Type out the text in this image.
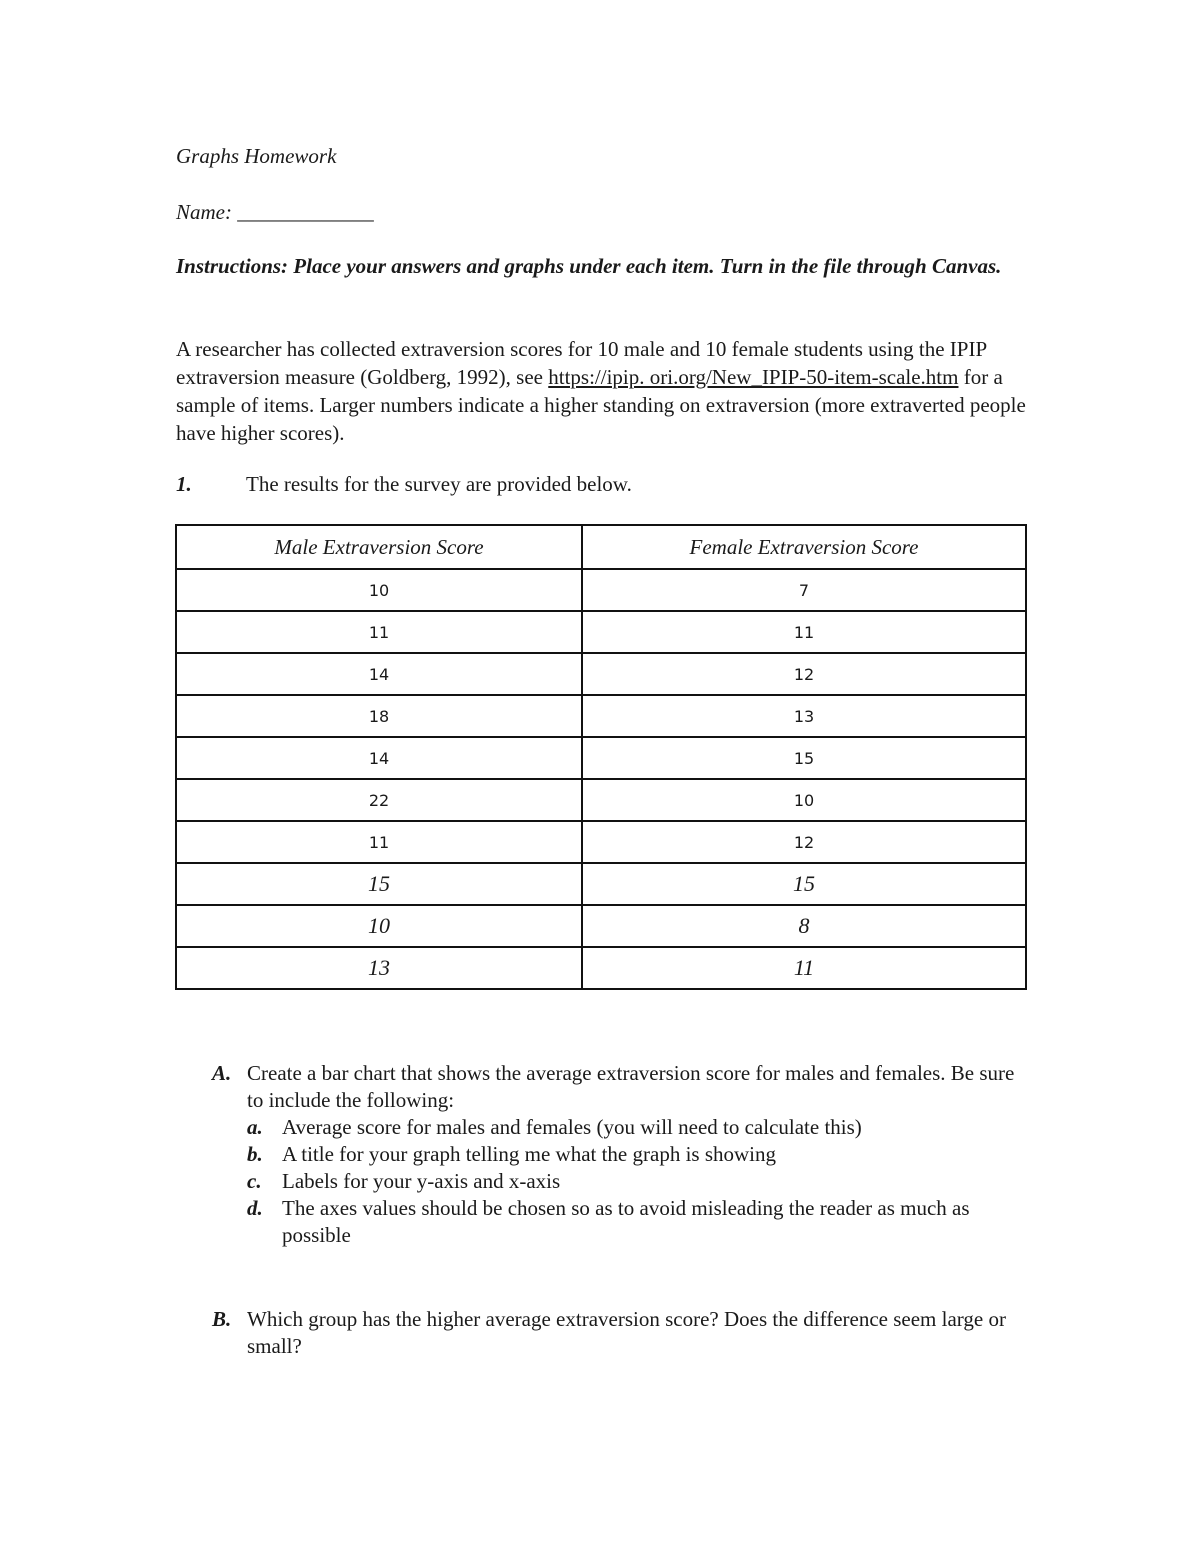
Graphs Homework
Name: _____________
Instructions: Place your answers and graphs under each item. Turn in the file through Canvas.
A researcher has collected extraversion scores for 10 male and 10 female students using the IPIP extraversion measure (Goldberg, 1992), see https://ipip. ori.org/New_IPIP-50-item-scale.htm for a sample of items. Larger numbers indicate a higher standing on extraversion (more extraverted people have higher scores).
1.	The results for the survey are provided below.
Male Extraversion Score	Female Extraversion Score
10	7
11	11
14	12
18	13
14	15
22	10
11	12
15	15
10	8
13	11
A. Create a bar chart that shows the average extraversion score for males and females. Be sure to include the following:
a. Average score for males and females (you will need to calculate this)
b. A title for your graph telling me what the graph is showing
c. Labels for your y-axis and x-axis
d. The axes values should be chosen so as to avoid misleading the reader as much as possible
B. Which group has the higher average extraversion score? Does the difference seem large or small?
